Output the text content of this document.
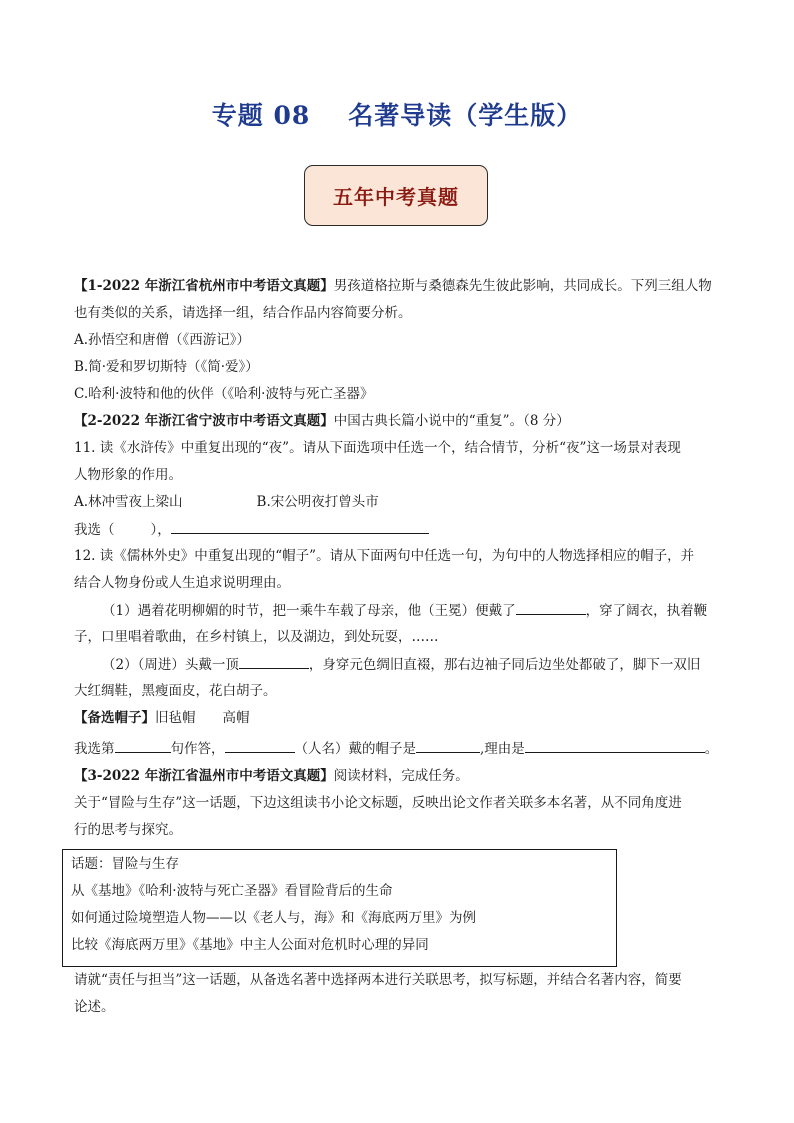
专题 08 名著导读（学生版）
五年中考真题
【1-2022 年浙江省杭州市中考语文真题】男孩道格拉斯与桑德森先生彼此影响，共同成长。下列三组人物
也有类似的关系，请选择一组，结合作品内容简要分析。
A.孙悟空和唐僧（《西游记》）
B.简·爱和罗切斯特（《简·爱》）
C.哈利·波特和他的伙伴（《哈利·波特与死亡圣器》
【2-2022 年浙江省宁波市中考语文真题】中国古典长篇小说中的“重复”。（8 分）
11. 读《水浒传》中重复出现的“夜”。请从下面选项中任选一个，结合情节，分析“夜”这一场景对表现
人物形象的作用。
A.林冲雪夜上梁山	B.宋公明夜打曾头市
我选（	），
12. 读《儒林外史》中重复出现的“帽子”。请从下面两句中任选一句，为句中的人物选择相应的帽子，并
结合人物身份或人生追求说明理由。
（1）遇着花明柳媚的时节，把一乘牛车载了母亲，他（王冕）便戴了	，穿了阔衣，执着鞭
子，口里唱着歌曲，在乡村镇上，以及湖边，到处玩耍，……
（2）（周进）头戴一顶	，身穿元色绸旧直裰，那右边袖子同后边坐处都破了，脚下一双旧
大红绸鞋，黑瘦面皮，花白胡子。
【备选帽子】旧毡帽 高帽
我选第	句作答，	（人名）戴的帽子是	,理由是	。
【3-2022 年浙江省温州市中考语文真题】阅读材料，完成任务。
关于“冒险与生存”这一话题，下边这组读书小论文标题，反映出论文作者关联多本名著，从不同角度进
行的思考与探究。
话题：冒险与生存
从《基地》《哈利·波特与死亡圣器》看冒险背后的生命
如何通过险境塑造人物——以《老人与，海》和《海底两万里》为例
比较《海底两万里》《基地》中主人公面对危机时心理的异同
请就“责任与担当”这一话题，从备选名著中选择两本进行关联思考，拟写标题，并结合名著内容，简要
论述。
